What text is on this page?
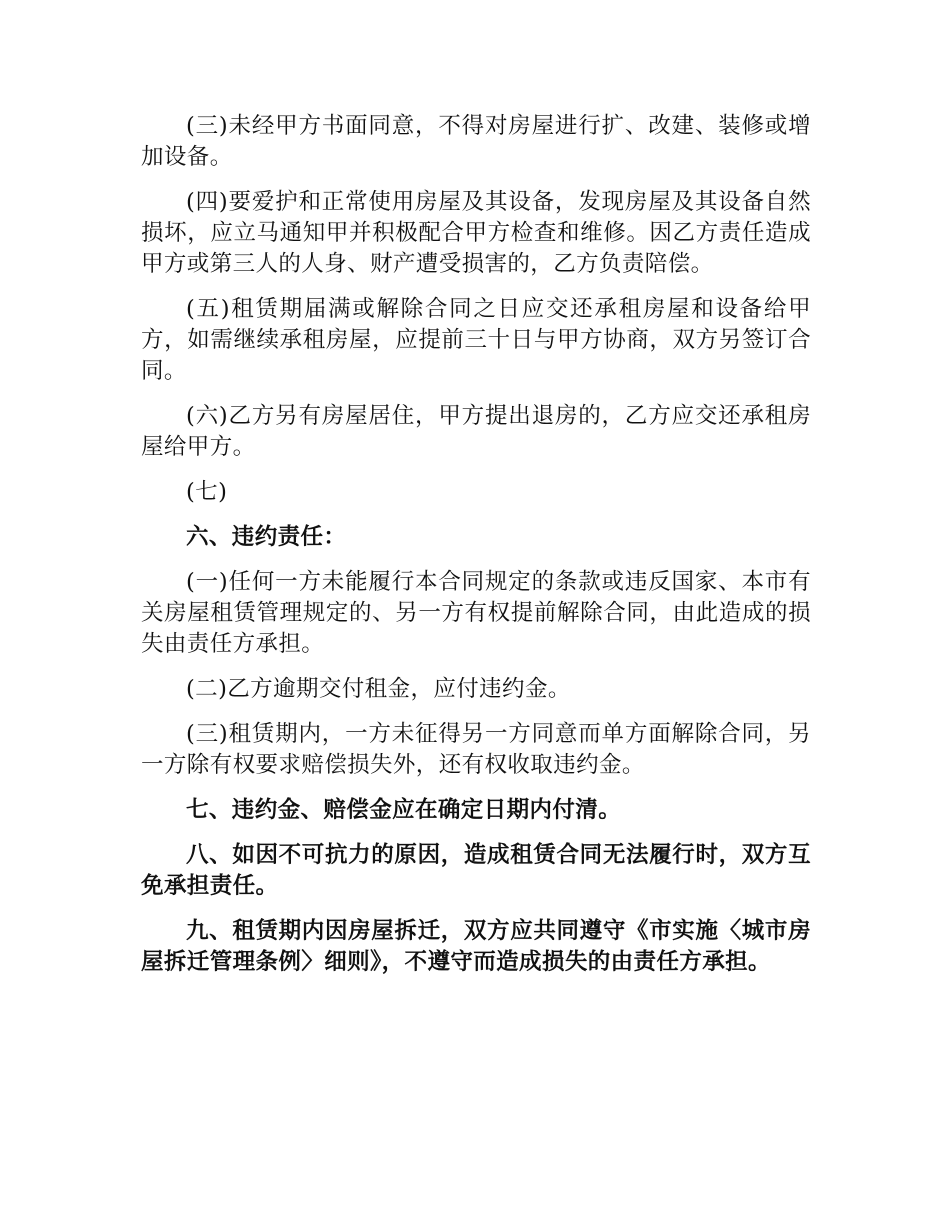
(三)未经甲方书面同意，不得对房屋进行扩、改建、装修或增加设备。

(四)要爱护和正常使用房屋及其设备，发现房屋及其设备自然损坏，应立马通知甲并积极配合甲方检查和维修。因乙方责任造成甲方或第三人的人身、财产遭受损害的，乙方负责陪偿。

(五)租赁期届满或解除合同之日应交还承租房屋和设备给甲方，如需继续承租房屋，应提前三十日与甲方协商，双方另签订合同。

(六)乙方另有房屋居住，甲方提出退房的，乙方应交还承租房屋给甲方。

(七)

六、违约责任：

(一)任何一方未能履行本合同规定的条款或违反国家、本市有关房屋租赁管理规定的、另一方有权提前解除合同，由此造成的损失由责任方承担。

(二)乙方逾期交付租金，应付违约金。

(三)租赁期内，一方未征得另一方同意而单方面解除合同，另一方除有权要求赔偿损失外，还有权收取违约金。

七、违约金、赔偿金应在确定日期内付清。

八、如因不可抗力的原因，造成租赁合同无法履行时，双方互免承担责任。

九、租赁期内因房屋拆迁，双方应共同遵守《市实施〈城市房屋拆迁管理条例〉细则》，不遵守而造成损失的由责任方承担。
